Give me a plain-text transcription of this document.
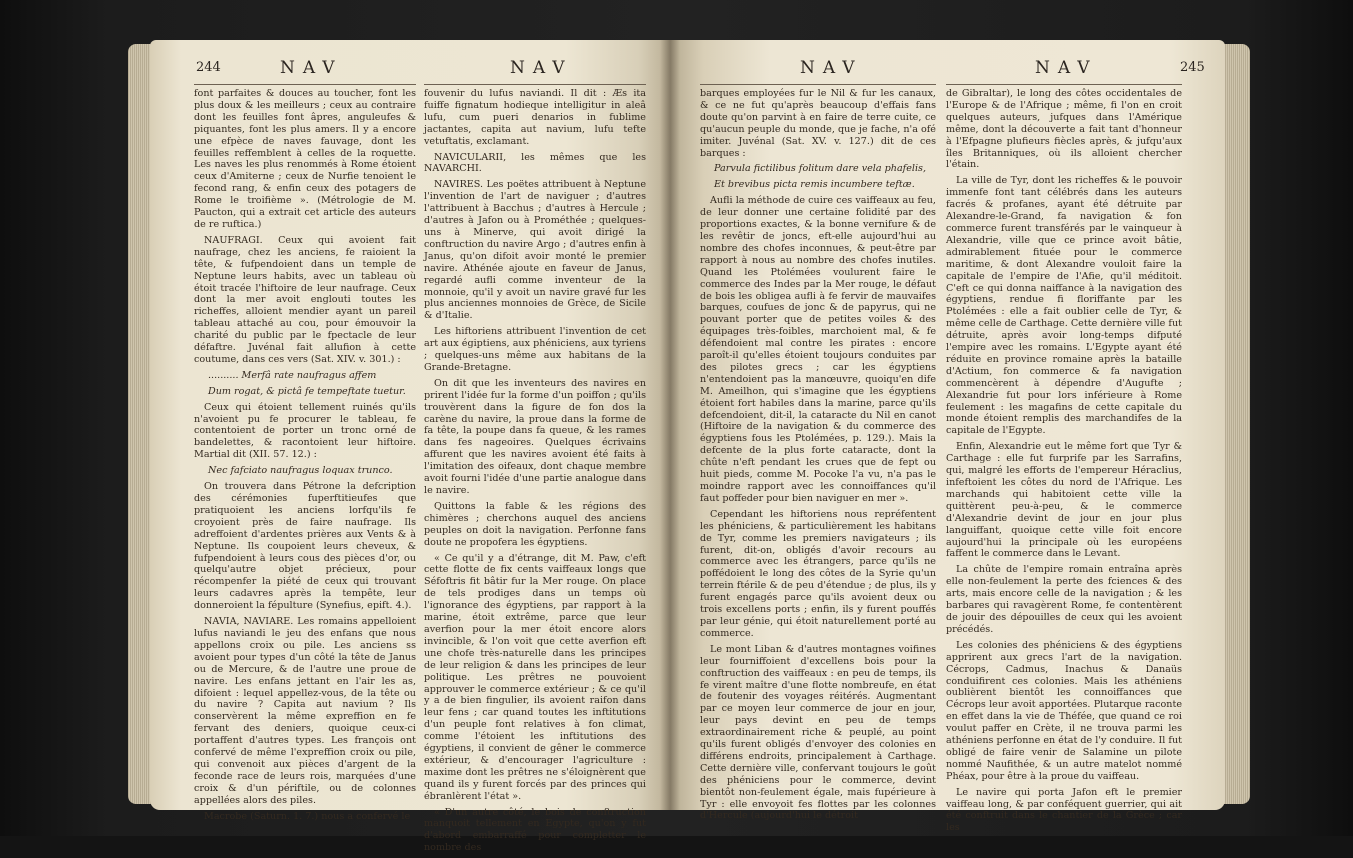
244	NAV	NAV

font parfaites & douces au toucher, font les plus doux & les meilleurs ; ceux au contraire dont les feuilles font âpres, anguleufes & piquantes, font les plus amers. Il y a encore une efpèce de naves fauvage, dont les feuilles reffemblent à celles de la roquette. Les naves les plus renommés à Rome étoient ceux d'Amiterne ; ceux de Nurfie tenoient le fecond rang, & enfin ceux des potagers de Rome le troifième ». (Métrologie de M. Paucton, qui a extrait cet article des auteurs de re ruftica.)

NAUFRAGI. Ceux qui avoient fait naufrage, chez les anciens, fe raioient la tête, & fufpendoient dans un temple de Neptune leurs habits, avec un tableau où étoit tracée l'hiftoire de leur naufrage. Ceux dont la mer avoit englouti toutes les richeffes, alloient mendier ayant un pareil tableau attaché au cou, pour émouvoir la charité du public par le fpectacle de leur défaftre. Juvénal fait allufion à cette coutume, dans ces vers (Sat. XIV. v. 301.) :

.......... Merfâ rate naufragus affem

Dum rogat, & pictâ fe tempeftate tuetur.

Ceux qui étoient tellement ruinés qu'ils n'avoient pu fe procurer le tableau, fe contentoient de porter un tronc orné de bandelettes, & racontoient leur hiftoire. Martial dit (XII. 57. 12.) :

Nec fafciato naufragus loquax trunco.

On trouvera dans Pétrone la defcription des cérémonies fuperftitieufes que pratiquoient les anciens lorfqu'ils fe croyoient près de faire naufrage. Ils adreffoient d'ardentes prières aux Vents & à Neptune. Ils coupoient leurs cheveux, & fufpendoient à leurs cous des pièces d'or, ou quelqu'autre objet précieux, pour récompenfer la piété de ceux qui trouvant leurs cadavres après la tempête, leur donneroient la fépulture (Synefius, epift. 4.).

NAVIA, NAVIARE. Les romains appelloient lufus naviandi le jeu des enfans que nous appellons croix ou pile. Les anciens ss avoient pour types d'un côté la tête de Janus ou de Mercure, & de l'autre une proue de navire. Les enfans jettant en l'air les as, difoient : lequel appellez-vous, de la tête ou du navire ? Capita aut navium ? Ils conservèrent la même expreffion en fe fervant des deniers, quoique ceux-ci portaffent d'autres types. Les françois ont confervé de même l'expreffion croix ou pile, qui convenoit aux pièces d'argent de la feconde race de leurs rois, marquées d'une croix & d'un périftile, ou de colonnes appellées alors des piles.

Macrobe (Saturn. 1. 7.) nous a confervé le

fouvenir du lufus naviandi. Il dit : Æs ita fuiffe fignatum hodieque intelligitur in aleâ lufu, cum pueri denarios in fublime jactantes, capita aut navium, lufu tefte vetuftatis, exclamant.

NAVICULARII, les mêmes que les NAVARCHI.

NAVIRES. Les poëtes attribuent à Neptune l'invention de l'art de naviguer ; d'autres l'attribuent à Bacchus ; d'autres à Hercule ; d'autres à Jafon ou à Prométhée ; quelques-uns à Minerve, qui avoit dirigé la conftruction du navire Argo ; d'autres enfin à Janus, qu'on difoit avoir monté le premier navire. Athénée ajoute en faveur de Janus, regardé aufli comme inventeur de la monnoie, qu'il y avoit un navire gravé fur les plus anciennes monnoies de Grèce, de Sicile & d'Italie.

Les hiftoriens attribuent l'invention de cet art aux égiptiens, aux phéniciens, aux tyriens ; quelques-uns même aux habitans de la Grande-Bretagne.

On dit que les inventeurs des navires en prirent l'idée fur la forme d'un poiffon ; qu'ils trouvèrent dans la figure de fon dos la carène du navire, la proue dans la forme de fa tête, la poupe dans fa queue, & les rames dans fes nageoires. Quelques écrivains affurent que les navires avoient été faits à l'imitation des oifeaux, dont chaque membre avoit fourni l'idée d'une partie analogue dans le navire.

Quittons la fable & les régions des chimères ; cherchons auquel des anciens peuples on doit la navigation. Perfonne fans doute ne propofera les égyptiens.

« Ce qu'il y a d'étrange, dit M. Paw, c'eft cette flotte de fix cents vaiffeaux longs que Séfoftris fit bâtir fur la Mer rouge. On place de tels prodiges dans un temps où l'ignorance des égyptiens, par rapport à la marine, étoit extrême, parce que leur averfion pour la mer étoit encore alors invincible, & l'on voit que cette averfion eft une chofe très-naturelle dans les principes de leur religion & dans les principes de leur politique. Les prêtres ne pouvoient approuver le commerce extérieur ; & ce qu'il y a de bien fingulier, ils avoient raifon dans leur fens ; car quand toutes les inftitutions d'un peuple font relatives à fon climat, comme l'étoient les inftitutions des égyptiens, il convient de gêner le commerce extérieur, & d'encourager l'agriculture : maxime dont les prêtres ne s'éloignèrent que quand ils y furent forcés par des princes qui ébranlèrent l'état ».

« D'un autre côté, le bois de conftruction manquoit tellement en Egypte, qu'on y fut d'abord embarraffé pour completter le nombre des

NAV	NAV	245

barques employées fur le Nil & fur les canaux, & ce ne fut qu'après beaucoup d'effais fans doute qu'on parvint à en faire de terre cuite, ce qu'aucun peuple du monde, que je fache, n'a ofé imiter. Juvénal (Sat. XV. v. 127.) dit de ces barques :

Parvula fictilibus folitum dare vela phafelis,

Et brevibus picta remis incumbere teftæ.

Aufli la méthode de cuire ces vaiffeaux au feu, de leur donner une certaine folidité par des proportions exactes, & la bonne vernifure & de les revêtir de joncs, eft-elle aujourd'hui au nombre des chofes inconnues, & peut-être par rapport à nous au nombre des chofes inutiles. Quand les Ptolémées voulurent faire le commerce des Indes par la Mer rouge, le défaut de bois les obligea aufli à fe fervir de mauvaifes barques, coufues de jonc & de papyrus, qui ne pouvant porter que de petites voiles & des équipages très-foibles, marchoient mal, & fe défendoient mal contre les pirates : encore paroît-il qu'elles étoient toujours conduites par des pilotes grecs ; car les égyptiens n'entendoient pas la manœuvre, quoiqu'en dife M. Ameilhon, qui s'imagine que les égyptiens étoient fort habiles dans la marine, parce qu'ils defcendoient, dit-il, la cataracte du Nil en canot (Hiftoire de la navigation & du commerce des égyptiens fous les Ptolémées, p. 129.). Mais la defcente de la plus forte cataracte, dont la chûte n'eft pendant les crues que de fept ou huit pieds, comme M. Pocoke l'a vu, n'a pas le moindre rapport avec les connoiffances qu'il faut poffeder pour bien naviguer en mer ».

Cependant les hiftoriens nous repréfentent les phéniciens, & particulièrement les habitans de Tyr, comme les premiers navigateurs ; ils furent, dit-on, obligés d'avoir recours au commerce avec les étrangers, parce qu'ils ne poffédoient le long des côtes de la Syrie qu'un terrein ftérile & de peu d'étendue ; de plus, ils y furent engagés parce qu'ils avoient deux ou trois excellens ports ; enfin, ils y furent pouffés par leur génie, qui étoit naturellement porté au commerce.

Le mont Liban & d'autres montagnes voifines leur fourniffoient d'excellens bois pour la conftruction des vaiffeaux : en peu de temps, ils fe virent maître d'une flotte nombreufe, en état de foutenir des voyages réitérés. Augmentant par ce moyen leur commerce de jour en jour, leur pays devint en peu de temps extraordinairement riche & peuplé, au point qu'ils furent obligés d'envoyer des colonies en différens endroits, principalement à Carthage. Cette dernière ville, confervant toujours le goût des phéniciens pour le commerce, devint bientôt non-feulement égale, mais fupérieure à Tyr : elle envoyoit fes flottes par les colonnes d'Hercule (aujourd'hui le détroit

de Gibraltar), le long des côtes occidentales de l'Europe & de l'Afrique ; même, fi l'on en croit quelques auteurs, jufques dans l'Amérique même, dont la découverte a fait tant d'honneur à l'Efpagne plufieurs fiècles après, & jufqu'aux îles Britanniques, où ils alloient chercher l'étain.

La ville de Tyr, dont les richeffes & le pouvoir immenfe font tant célébrés dans les auteurs facrés & profanes, ayant été détruite par Alexandre-le-Grand, fa navigation & fon commerce furent transférés par le vainqueur à Alexandrie, ville que ce prince avoit bâtie, admirablement fituée pour le commerce maritime, & dont Alexandre vouloit faire la capitale de l'empire de l'Afie, qu'il méditoit. C'eft ce qui donna naiffance à la navigation des égyptiens, rendue fi floriffante par les Ptolémées : elle a fait oublier celle de Tyr, & même celle de Carthage. Cette dernière ville fut détruite, après avoir long-temps difputé l'empire avec les romains. L'Egypte ayant été réduite en province romaine après la bataille d'Actium, fon commerce & fa navigation commencèrent à dépendre d'Augufte ; Alexandrie fut pour lors inférieure à Rome feulement : les magafins de cette capitale du monde étoient remplis des marchandifes de la capitale de l'Egypte.

Enfin, Alexandrie eut le même fort que Tyr & Carthage : elle fut furprife par les Sarrafins, qui, malgré les efforts de l'empereur Héraclius, infeftoient les côtes du nord de l'Afrique. Les marchands qui habitoient cette ville la quittèrent peu-à-peu, & le commerce d'Alexandrie devint de jour en jour plus languiffant, quoique cette ville foit encore aujourd'hui la principale où les européens faffent le commerce dans le Levant.

La chûte de l'empire romain entraîna après elle non-feulement la perte des fciences & des arts, mais encore celle de la navigation ; & les barbares qui ravagèrent Rome, fe contentèrent de jouir des dépouilles de ceux qui les avoient précédés.

Les colonies des phéniciens & des égyptiens apprirent aux grecs l'art de la navigation. Cécrops, Cadmus, Inachus & Danaüs conduifirent ces colonies. Mais les athéniens oublièrent bientôt les connoiffances que Cécrops leur avoit apportées. Plutarque raconte en effet dans la vie de Théfée, que quand ce roi voulut paffer en Crète, il ne trouva parmi les athéniens perfonne en état de l'y conduire. Il fut obligé de faire venir de Salamine un pilote nommé Naufithée, & un autre matelot nommé Phéax, pour être à la proue du vaiffeau.

Le navire qui porta Jafon eft le premier vaiffeau long, & par conféquent guerrier, qui ait été conftruit dans le chantier de la Grèce ; car les
